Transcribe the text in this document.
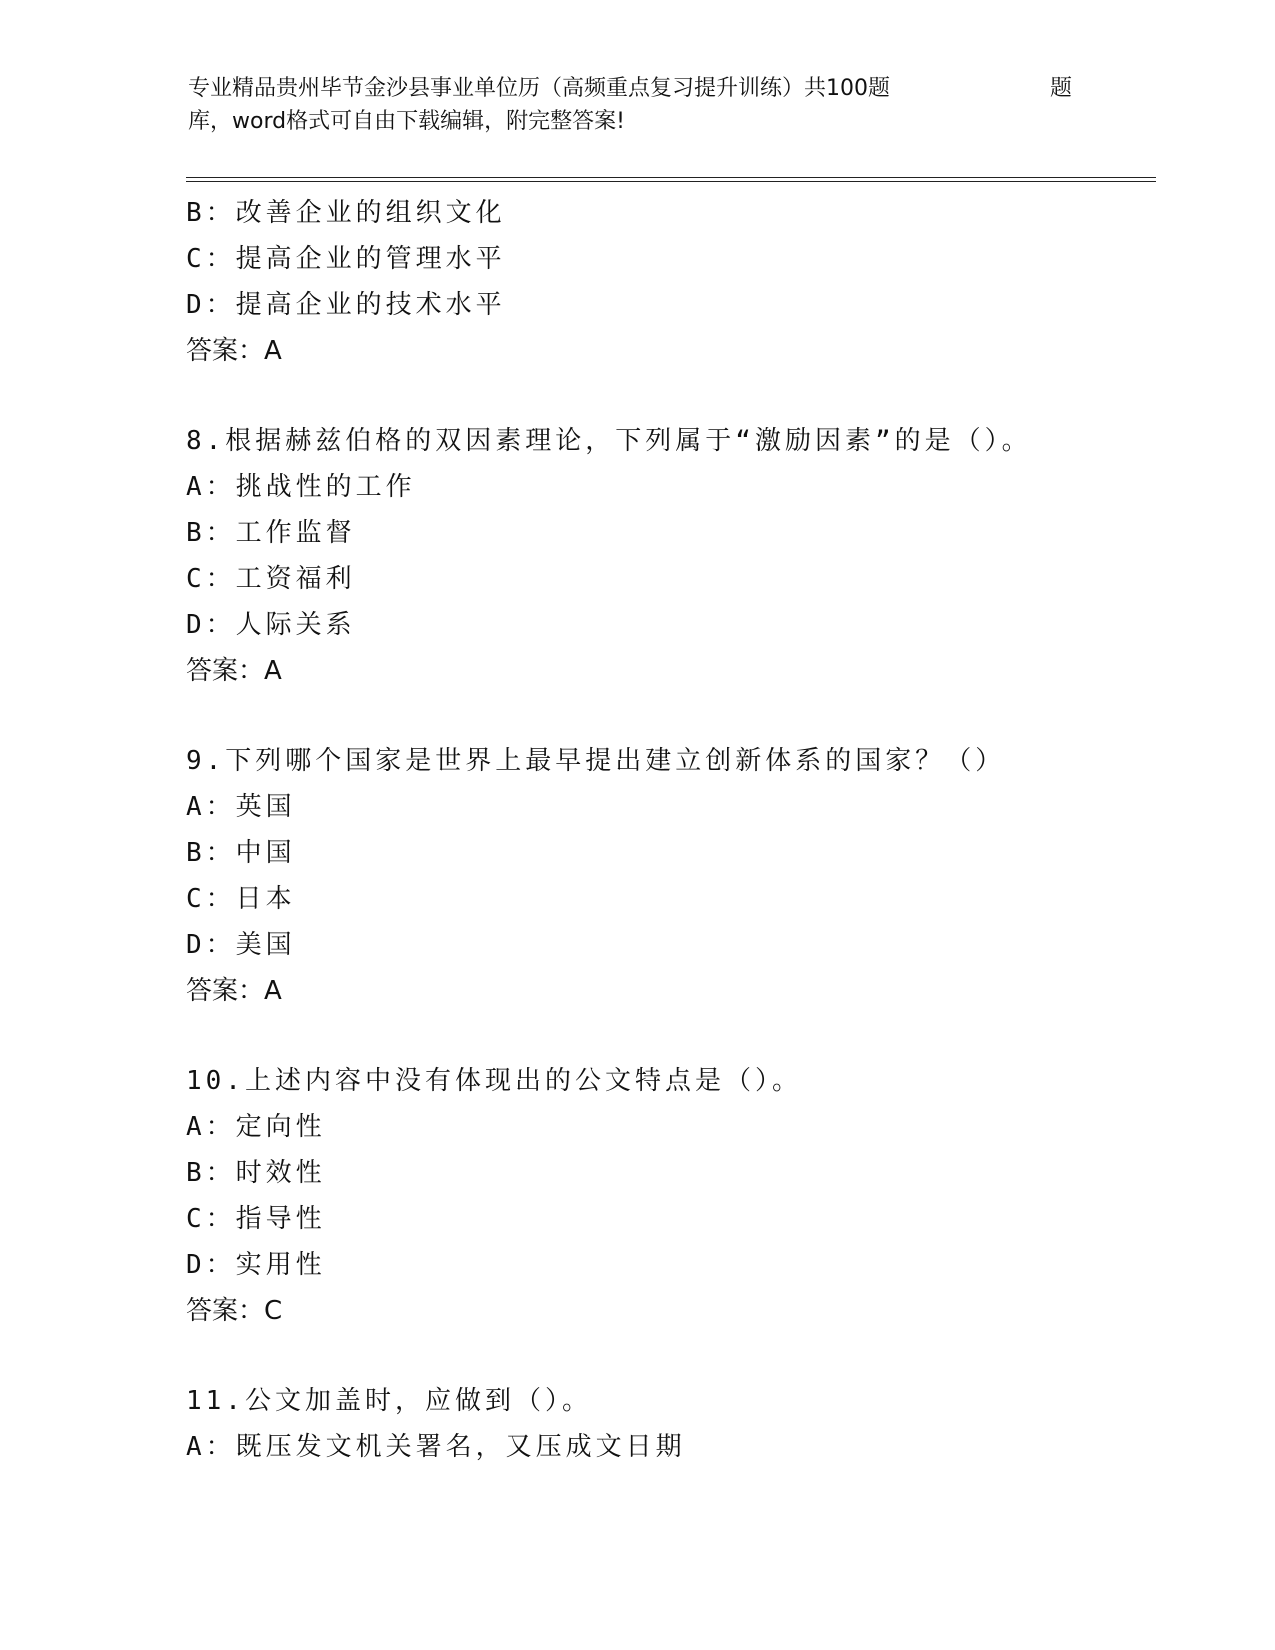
专业精品贵州毕节金沙县事业单位历（高频重点复习提升训练）共100题
库，word格式可自由下载编辑，附完整答案!
题
B：改善企业的组织文化
C：提高企业的管理水平
D：提高企业的技术水平
答案：A
8.根据赫兹伯格的双因素理论，下列属于“激励因素”的是（）。
A：挑战性的工作
B：工作监督
C：工资福利
D：人际关系
答案：A
9.下列哪个国家是世界上最早提出建立创新体系的国家？（）
A：英国
B：中国
C：日本
D：美国
答案：A
10.上述内容中没有体现出的公文特点是（）。
A：定向性
B：时效性
C：指导性
D：实用性
答案：C
11.公文加盖时，应做到（）。
A：既压发文机关署名，又压成文日期
